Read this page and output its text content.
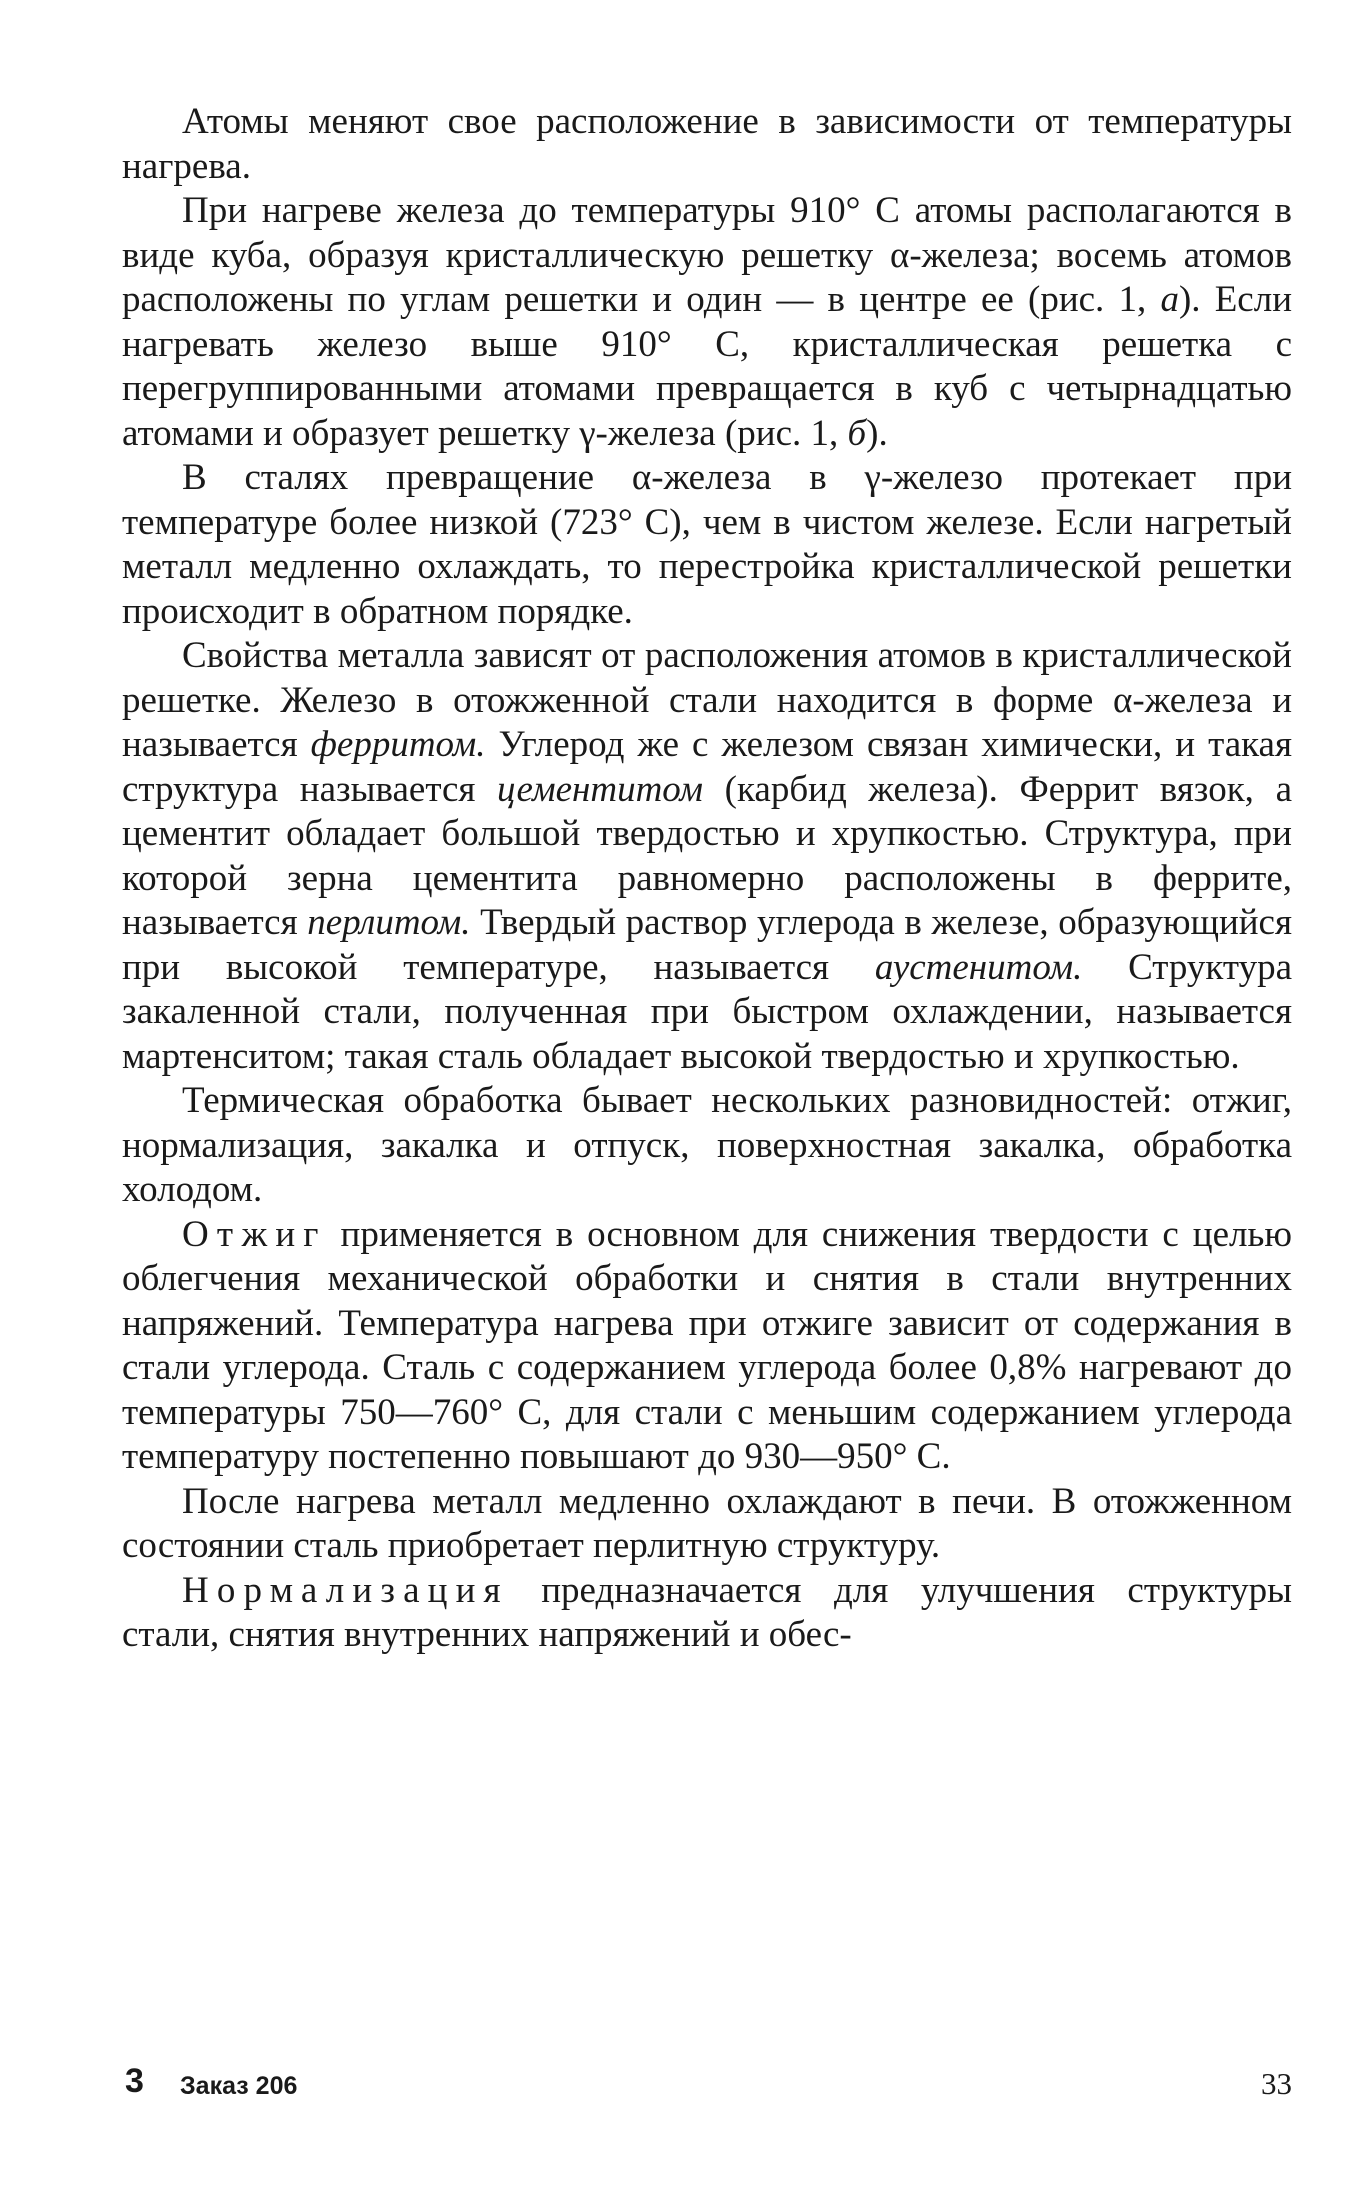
Атомы меняют свое расположение в зависимости от температуры нагрева.

При нагреве железа до температуры 910° С атомы располагаются в виде куба, образуя кристаллическую решетку α-железа; восемь атомов расположены по углам решетки и один — в центре ее (рис. 1, а). Если нагревать железо выше 910° С, кристаллическая решетка с перегруппированными атомами превращается в куб с четырнадцатью атомами и образует решетку γ-железа (рис. 1, б).

В сталях превращение α-железа в γ-железо протекает при температуре более низкой (723° С), чем в чистом железе. Если нагретый металл медленно охлаждать, то перестройка кристаллической решетки происходит в обратном порядке.

Свойства металла зависят от расположения атомов в кристаллической решетке. Железо в отожженной стали находится в форме α-железа и называется ферритом. Углерод же с железом связан химически, и такая структура называется цементитом (карбид железа). Феррит вязок, а цементит обладает большой твердостью и хрупкостью. Структура, при которой зерна цементита равномерно расположены в феррите, называется перлитом. Твердый раствор углерода в железе, образующийся при высокой температуре, называется аустенитом. Структура закаленной стали, полученная при быстром охлаждении, называется мартенситом; такая сталь обладает высокой твердостью и хрупкостью.

Термическая обработка бывает нескольких разновидностей: отжиг, нормализация, закалка и отпуск, поверхностная закалка, обработка холодом.

Отжиг применяется в основном для снижения твердости с целью облегчения механической обработки и снятия в стали внутренних напряжений. Температура нагрева при отжиге зависит от содержания в стали углерода. Сталь с содержанием углерода более 0,8% нагревают до температуры 750—760° С, для стали с меньшим содержанием углерода температуру постепенно повышают до 930—950° С.

После нагрева металл медленно охлаждают в печи. В отожженном состоянии сталь приобретает перлитную структуру.

Нормализация предназначается для улучшения структуры стали, снятия внутренних напряжений и обес-

3 Заказ 206	33
